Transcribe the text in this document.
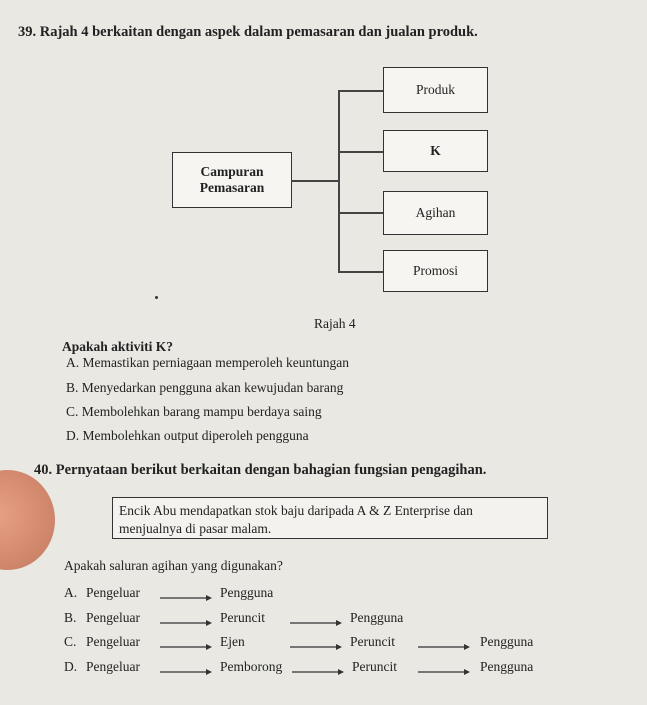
39. Rajah 4 berkaitan dengan aspek dalam pemasaran dan jualan produk.
Campuran
Pemasaran
Produk
K
Agihan
Promosi
Rajah 4
Apakah aktiviti K?
A. Memastikan perniagaan memperoleh keuntungan
B. Menyedarkan pengguna akan kewujudan barang
C. Membolehkan barang mampu berdaya saing
D. Membolehkan output diperoleh pengguna
40. Pernyataan berikut berkaitan dengan bahagian fungsian pengagihan.
Encik Abu mendapatkan stok baju daripada A & Z Enterprise dan
menjualnya di pasar malam.
Apakah saluran agihan yang digunakan?
A. Pengeluar	Pengguna
B. Pengeluar	Peruncit	Pengguna
C. Pengeluar	Ejen	Peruncit	Pengguna
D. Pengeluar	Pemborong	Peruncit	Pengguna
